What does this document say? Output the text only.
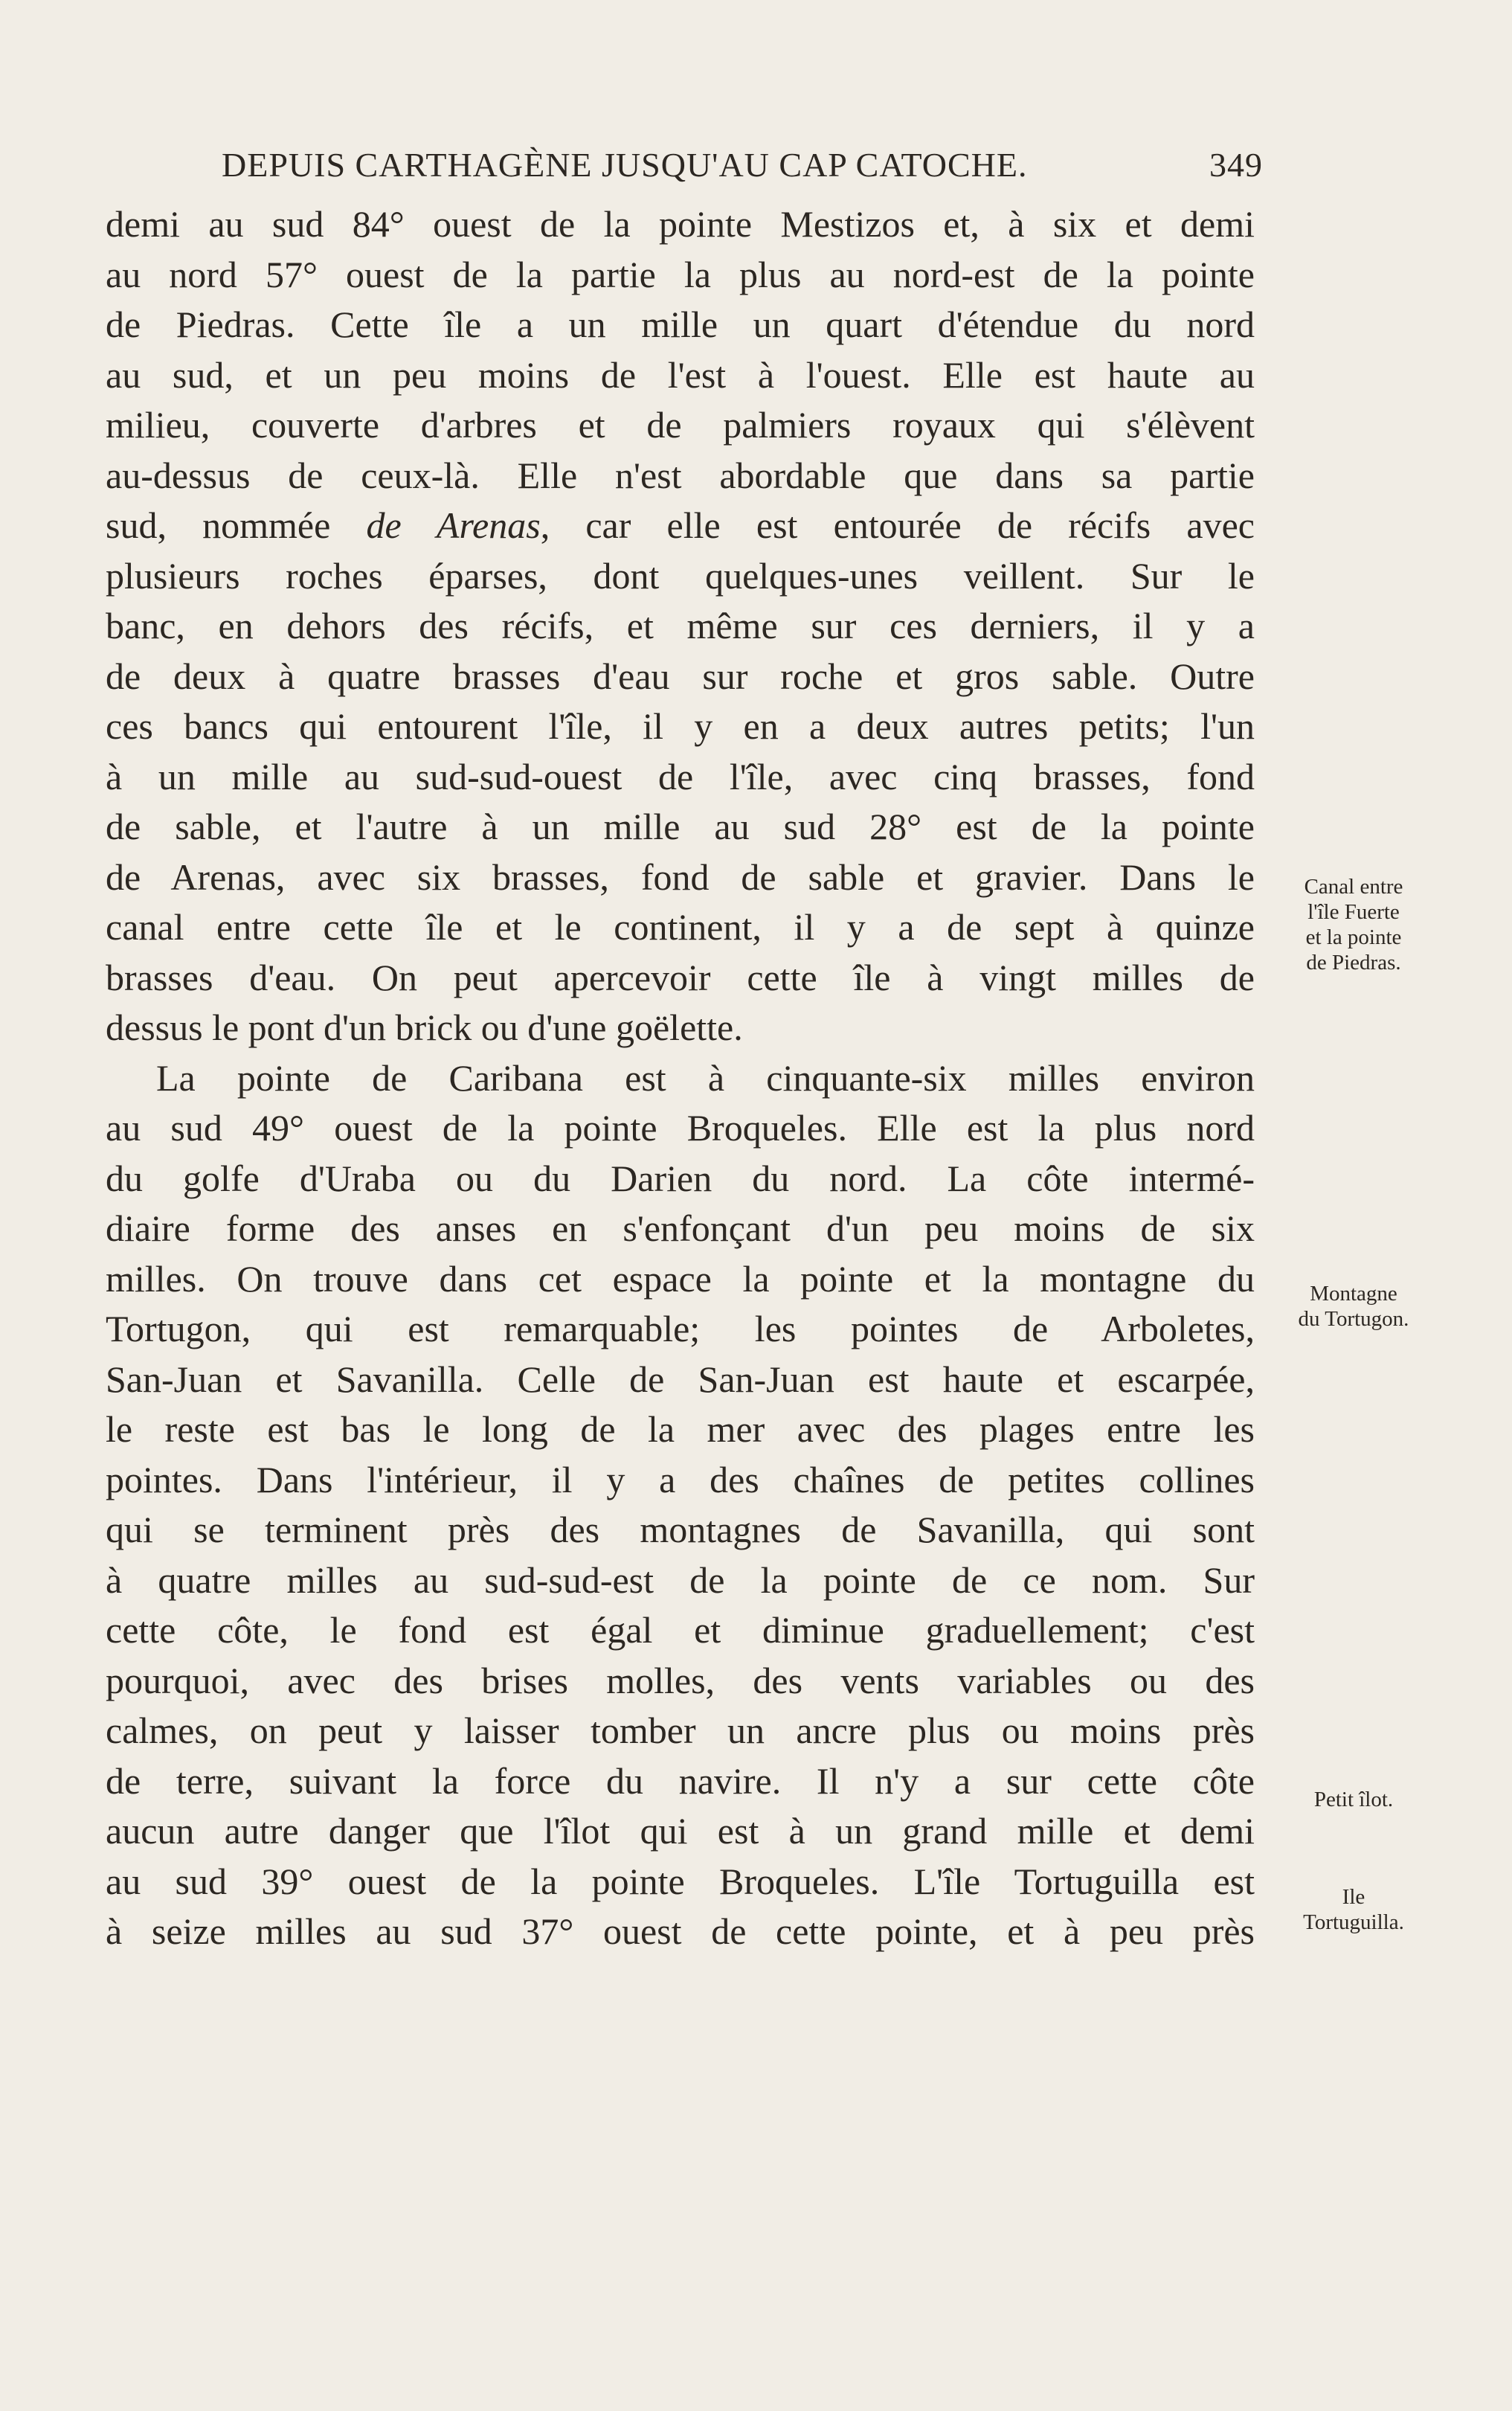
DEPUIS CARTHAGÈNE JUSQU'AU CAP CATOCHE.	349
demi au sud 84° ouest de la pointe Mestizos et, à six et demi
au nord 57° ouest de la partie la plus au nord-est de la pointe
de Piedras. Cette île a un mille un quart d'étendue du nord
au sud, et un peu moins de l'est à l'ouest. Elle est haute au
milieu, couverte d'arbres et de palmiers royaux qui s'élèvent
au-dessus de ceux-là. Elle n'est abordable que dans sa partie
sud, nommée de Arenas, car elle est entourée de récifs avec
plusieurs roches éparses, dont quelques-unes veillent. Sur le
banc, en dehors des récifs, et même sur ces derniers, il y a
de deux à quatre brasses d'eau sur roche et gros sable. Outre
ces bancs qui entourent l'île, il y en a deux autres petits; l'un
à un mille au sud-sud-ouest de l'île, avec cinq brasses, fond
de sable, et l'autre à un mille au sud 28° est de la pointe
de Arenas, avec six brasses, fond de sable et gravier. Dans le
canal entre cette île et le continent, il y a de sept à quinze
brasses d'eau. On peut apercevoir cette île à vingt milles de
dessus le pont d'un brick ou d'une goëlette.
La pointe de Caribana est à cinquante-six milles environ
au sud 49° ouest de la pointe Broqueles. Elle est la plus nord
du golfe d'Uraba ou du Darien du nord. La côte intermé-
diaire forme des anses en s'enfonçant d'un peu moins de six
milles. On trouve dans cet espace la pointe et la montagne du
Tortugon, qui est remarquable; les pointes de Arboletes,
San-Juan et Savanilla. Celle de San-Juan est haute et escarpée,
le reste est bas le long de la mer avec des plages entre les
pointes. Dans l'intérieur, il y a des chaînes de petites collines
qui se terminent près des montagnes de Savanilla, qui sont
à quatre milles au sud-sud-est de la pointe de ce nom. Sur
cette côte, le fond est égal et diminue graduellement; c'est
pourquoi, avec des brises molles, des vents variables ou des
calmes, on peut y laisser tomber un ancre plus ou moins près
de terre, suivant la force du navire. Il n'y a sur cette côte
aucun autre danger que l'îlot qui est à un grand mille et demi
au sud 39° ouest de la pointe Broqueles. L'île Tortuguilla est
à seize milles au sud 37° ouest de cette pointe, et à peu près
Canal entre
l'île Fuerte
et la pointe
de Piedras.
Montagne
du Tortugon.
Petit îlot.
Ile
Tortuguilla.
